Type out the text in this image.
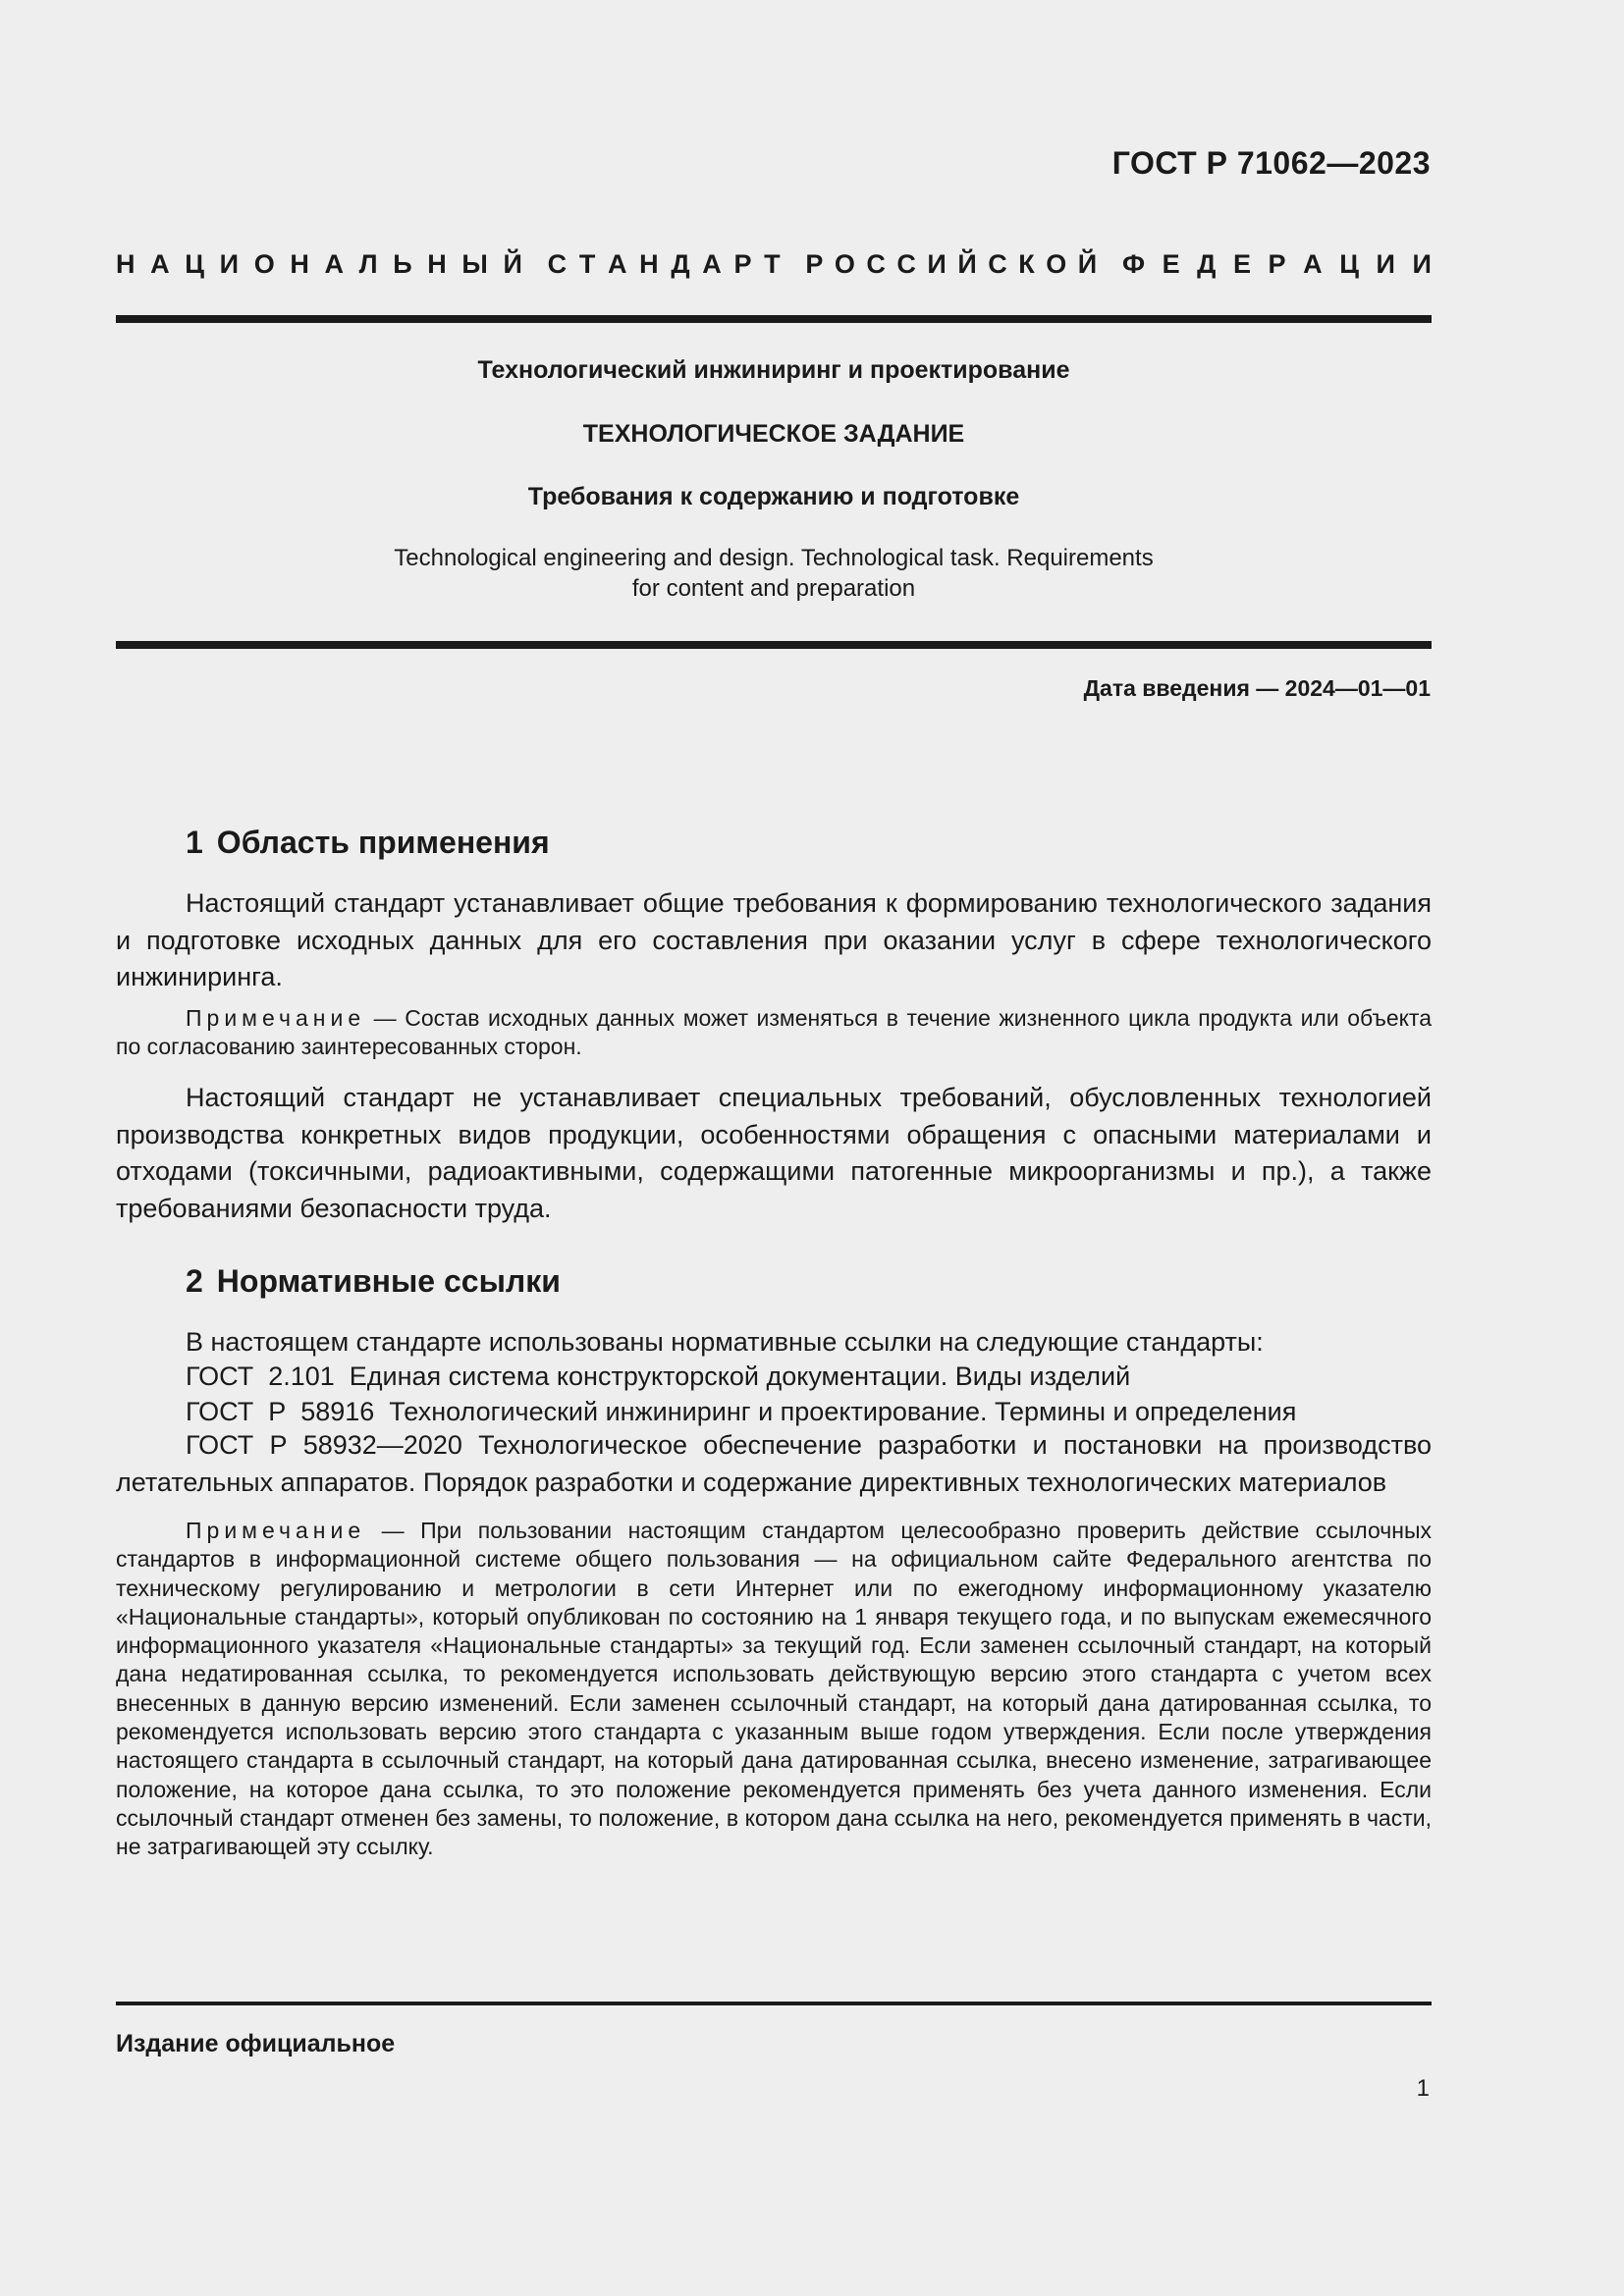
ГОСТ Р 71062—2023
Н А Ц И О Н А Л Ь Н Ы Й С Т А Н Д А Р Т Р О С С И Й С К О Й Ф Е Д Е Р А Ц И И
Технологический инжиниринг и проектирование
ТЕХНОЛОГИЧЕСКОЕ ЗАДАНИЕ
Требования к содержанию и подготовке
Technological engineering and design. Technological task. Requirements
for content and preparation
Дата введения — 2024—01—01
1 Область применения

Настоящий стандарт устанавливает общие требования к формированию технологического задания и подготовке исходных данных для его составления при оказании услуг в сфере технологического инжиниринга.

Примечание — Состав исходных данных может изменяться в течение жизненного цикла продукта или объекта по согласованию заинтересованных сторон.

Настоящий стандарт не устанавливает специальных требований, обусловленных технологией производства конкретных видов продукции, особенностями обращения с опасными материалами и отходами (токсичными, радиоактивными, содержащими патогенные микроорганизмы и пр.), а также требованиями безопасности труда.

2 Нормативные ссылки
В настоящем стандарте использованы нормативные ссылки на следующие стандарты:
ГОСТ  2.101  Единая система конструкторской документации. Виды изделий
ГОСТ  Р  58916  Технологический инжиниринг и проектирование. Термины и определения

ГОСТ Р 58932—2020 Технологическое обеспечение разработки и постановки на производство летательных аппаратов. Порядок разработки и содержание директивных технологических материалов

Примечание — При пользовании настоящим стандартом целесообразно проверить действие ссылочных стандартов в информационной системе общего пользования — на официальном сайте Федерального агентства по техническому регулированию и метрологии в сети Интернет или по ежегодному информационному указателю «Национальные стандарты», который опубликован по состоянию на 1 января текущего года, и по выпускам ежемесячного информационного указателя «Национальные стандарты» за текущий год. Если заменен ссылочный стандарт, на который дана недатированная ссылка, то рекомендуется использовать действующую версию этого стандарта с учетом всех внесенных в данную версию изменений. Если заменен ссылочный стандарт, на который дана датированная ссылка, то рекомендуется использовать версию этого стандарта с указанным выше годом утверждения. Если после утверждения настоящего стандарта в ссылочный стандарт, на который дана датированная ссылка, внесено изменение, затрагивающее положение, на которое дана ссылка, то это положение рекомендуется применять без учета данного изменения. Если ссылочный стандарт отменен без замены, то положение, в котором дана ссылка на него, рекомендуется применять в части, не затрагивающей эту ссылку.

Издание официальное
1
